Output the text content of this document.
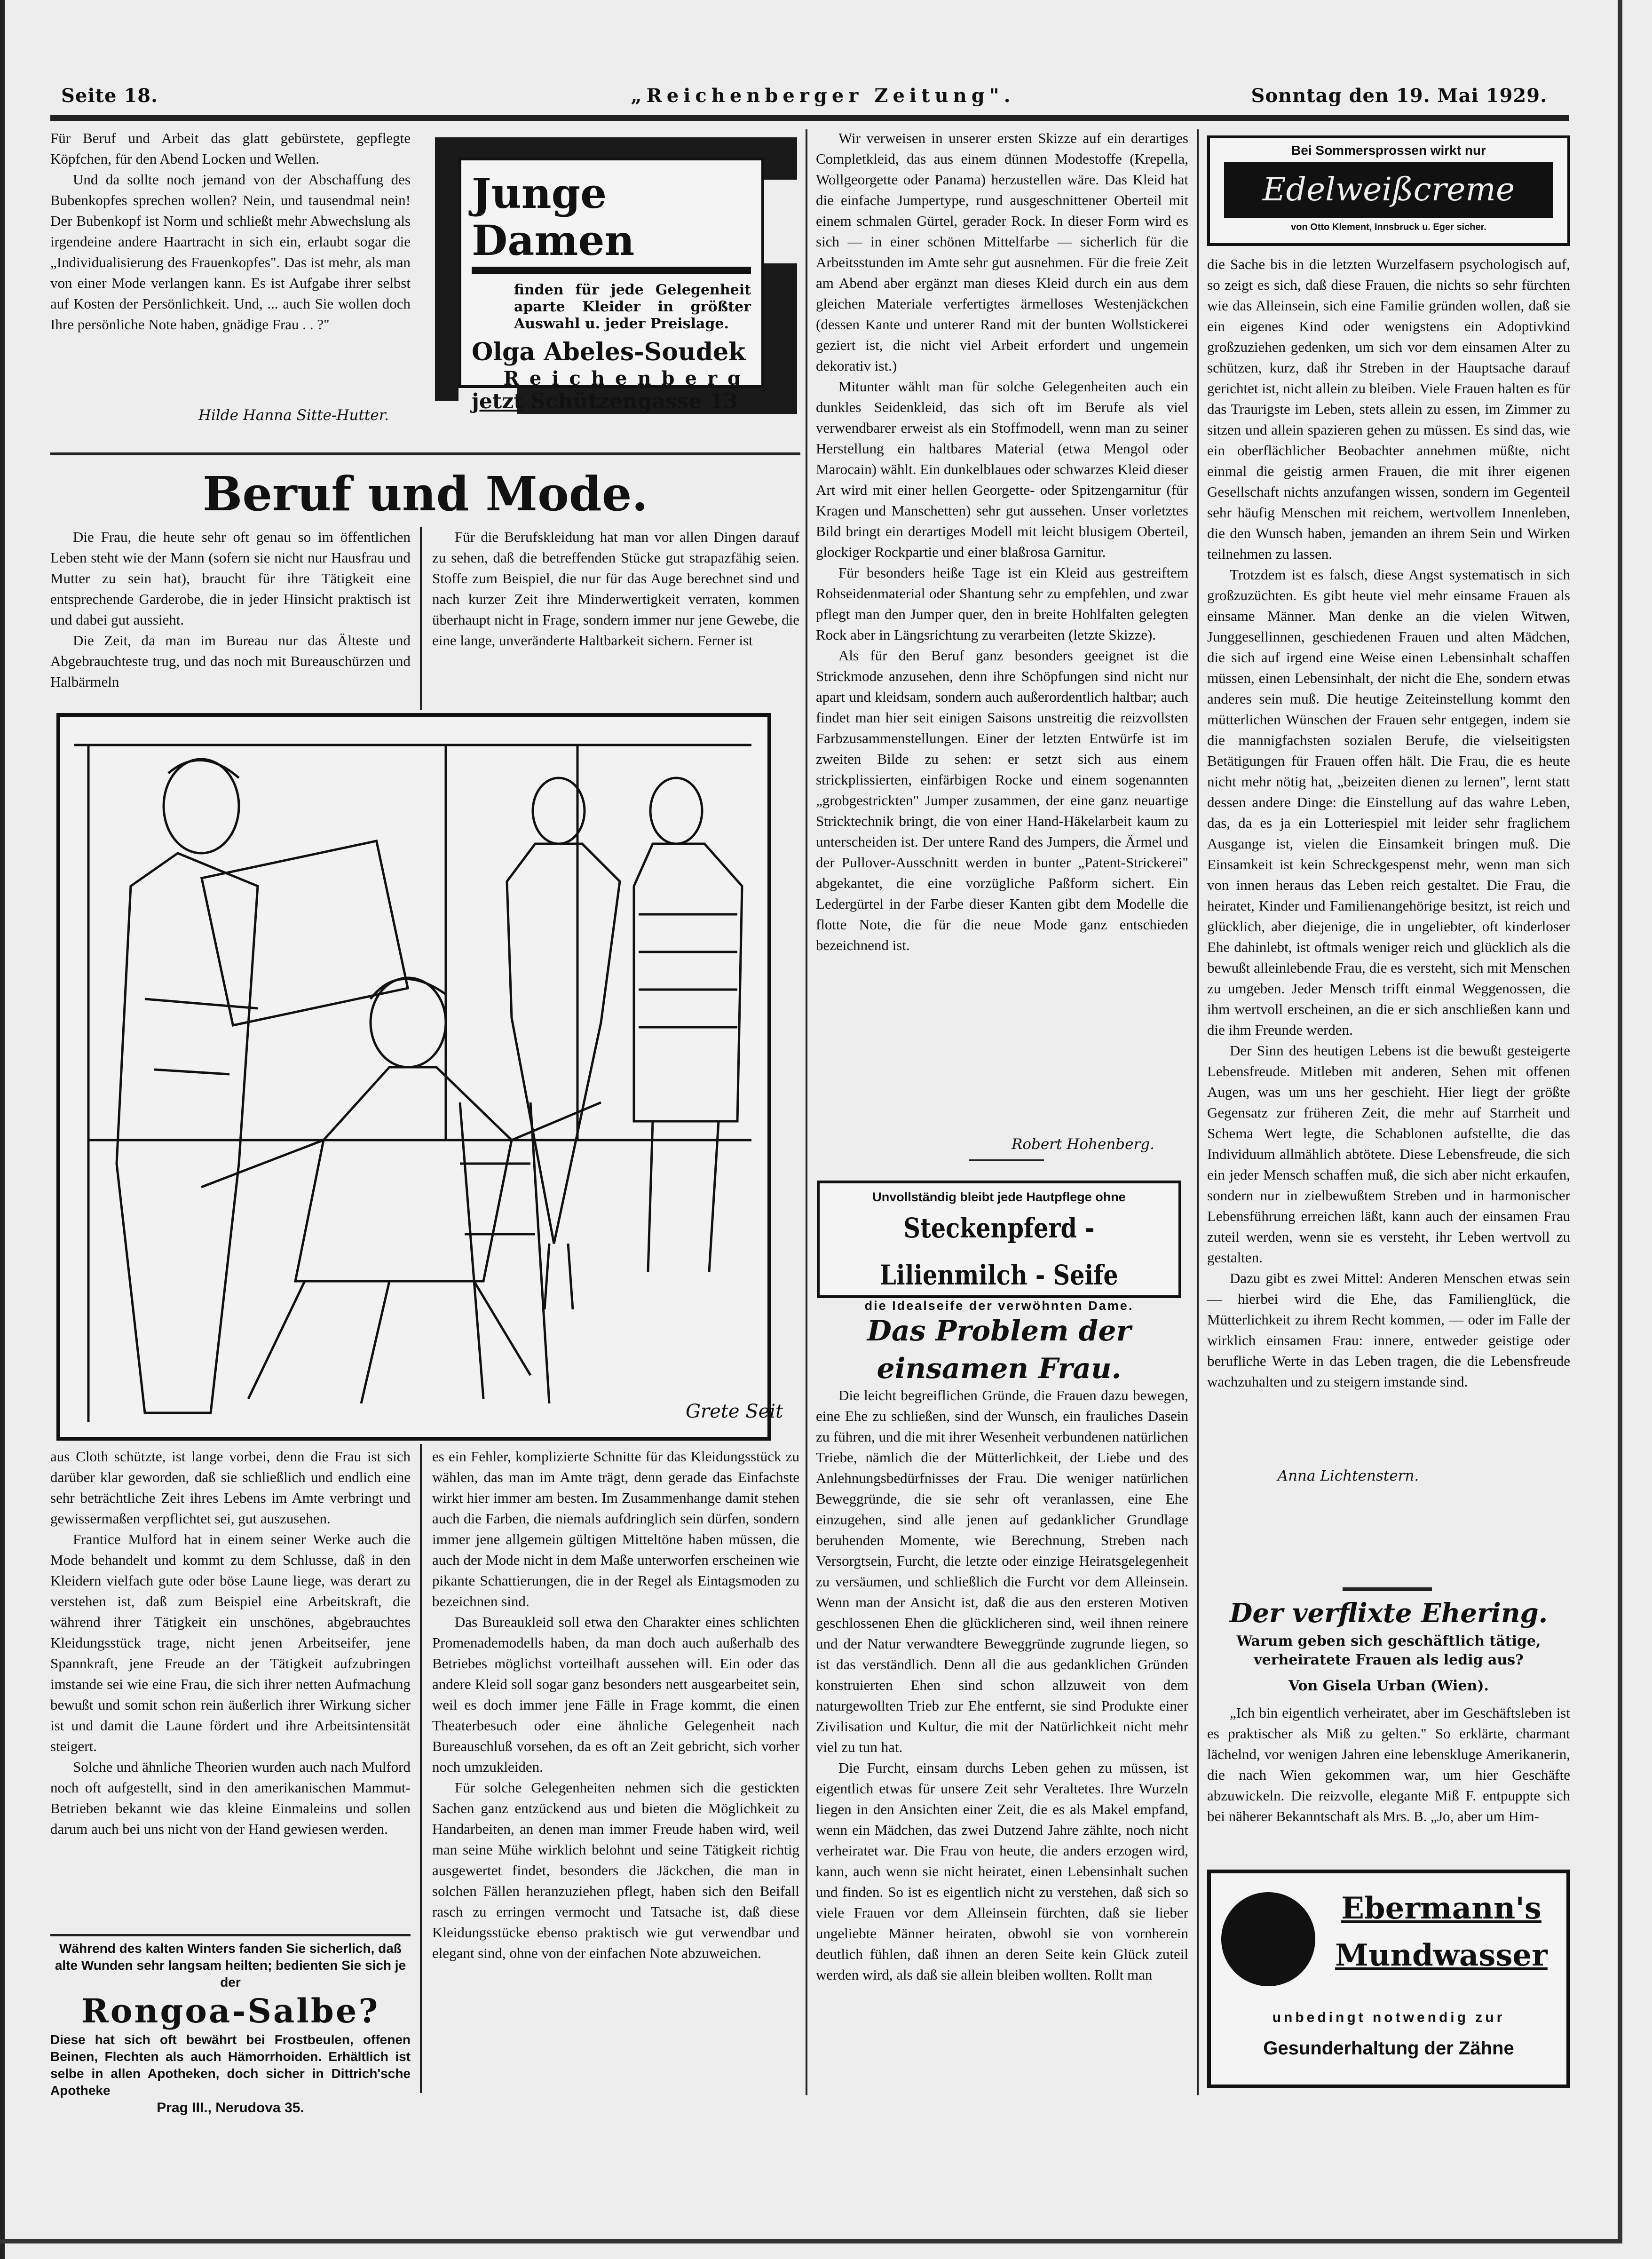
Seite 18.	„Reichenberger Zeitung".	Sonntag den 19. Mai 1929.

Für Beruf und Arbeit das glatt gebürstete, gepflegte Köpfchen, für den Abend Locken und Wellen.

Und da sollte noch jemand von der Abschaffung des Bubenkopfes sprechen wollen? Nein, und tausendmal nein! Der Bubenkopf ist Norm und schließt mehr Abwechslung als irgendeine andere Haartracht in sich ein, erlaubt sogar die „Individualisierung des Frauenkopfes". Das ist mehr, als man von einer Mode verlangen kann. Es ist Aufgabe ihrer selbst auf Kosten der Persönlichkeit. Und, ... auch Sie wollen doch Ihre persönliche Note haben, gnädige Frau . . ?"

Hilde Hanna Sitte-Hutter.
Junge Damen
finden für jede Gelegenheit aparte Kleider in größter Auswahl u. jeder Preislage.
Olga Abeles-Soudek
Reichenberg
jetzt Schützengasse 13
Beruf und Mode.

Die Frau, die heute sehr oft genau so im öffentlichen Leben steht wie der Mann (sofern sie nicht nur Hausfrau und Mutter zu sein hat), braucht für ihre Tätigkeit eine entsprechende Garderobe, die in jeder Hinsicht praktisch ist und dabei gut aussieht.

Die Zeit, da man im Bureau nur das Älteste und Abgebrauchteste trug, und das noch mit Bureauschürzen und Halbärmeln

Für die Berufskleidung hat man vor allen Dingen darauf zu sehen, daß die betreffenden Stücke gut strapazfähig seien. Stoffe zum Beispiel, die nur für das Auge berechnet sind und nach kurzer Zeit ihre Minderwertigkeit verraten, kommen überhaupt nicht in Frage, sondern immer nur jene Gewebe, die eine lange, unveränderte Haltbarkeit sichern. Ferner ist

Grete Seit

aus Cloth schützte, ist lange vorbei, denn die Frau ist sich darüber klar geworden, daß sie schließlich und endlich eine sehr beträchtliche Zeit ihres Lebens im Amte verbringt und gewissermaßen verpflichtet sei, gut auszusehen.

Frantice Mulford hat in einem seiner Werke auch die Mode behandelt und kommt zu dem Schlusse, daß in den Kleidern vielfach gute oder böse Laune liege, was derart zu verstehen ist, daß zum Beispiel eine Arbeitskraft, die während ihrer Tätigkeit ein unschönes, abgebrauchtes Kleidungsstück trage, nicht jenen Arbeitseifer, jene Spannkraft, jene Freude an der Tätigkeit aufzubringen imstande sei wie eine Frau, die sich ihrer netten Aufmachung bewußt und somit schon rein äußerlich ihrer Wirkung sicher ist und damit die Laune fördert und ihre Arbeitsintensität steigert.

Solche und ähnliche Theorien wurden auch nach Mulford noch oft aufgestellt, sind in den amerikanischen Mammut-Betrieben bekannt wie das kleine Einmaleins und sollen darum auch bei uns nicht von der Hand gewiesen werden.

es ein Fehler, komplizierte Schnitte für das Kleidungsstück zu wählen, das man im Amte trägt, denn gerade das Einfachste wirkt hier immer am besten. Im Zusammenhange damit stehen auch die Farben, die niemals aufdringlich sein dürfen, sondern immer jene allgemein gültigen Mitteltöne haben müssen, die auch der Mode nicht in dem Maße unterworfen erscheinen wie pikante Schattierungen, die in der Regel als Eintagsmoden zu bezeichnen sind.

Das Bureaukleid soll etwa den Charakter eines schlichten Promenademodells haben, da man doch auch außerhalb des Betriebes möglichst vorteilhaft aussehen will. Ein oder das andere Kleid soll sogar ganz besonders nett ausgearbeitet sein, weil es doch immer jene Fälle in Frage kommt, die einen Theaterbesuch oder eine ähnliche Gelegenheit nach Bureauschluß vorsehen, da es oft an Zeit gebricht, sich vorher noch umzukleiden.

Für solche Gelegenheiten nehmen sich die gestickten Sachen ganz entzückend aus und bieten die Möglichkeit zu Handarbeiten, an denen man immer Freude haben wird, weil man seine Mühe wirklich belohnt und seine Tätigkeit richtig ausgewertet findet, besonders die Jäckchen, die man in solchen Fällen heranzuziehen pflegt, haben sich den Beifall rasch zu erringen vermocht und Tatsache ist, daß diese Kleidungsstücke ebenso praktisch wie gut verwendbar und elegant sind, ohne von der einfachen Note abzuweichen.

Während des kalten Winters fanden Sie sicherlich, daß alte Wunden sehr langsam heilten; bedienten Sie sich je der
Rongoa-Salbe?
Diese hat sich oft bewährt bei Frostbeulen, offenen Beinen, Flechten als auch Hämorrhoiden. Erhältlich ist selbe in allen Apotheken, doch sicher in Dittrich'sche Apotheke
Prag III., Nerudova 35.

Wir verweisen in unserer ersten Skizze auf ein derartiges Completkleid, das aus einem dünnen Modestoffe (Krepella, Wollgeorgette oder Panama) herzustellen wäre. Das Kleid hat die einfache Jumpertype, rund ausgeschnittener Oberteil mit einem schmalen Gürtel, gerader Rock. In dieser Form wird es sich — in einer schönen Mittelfarbe — sicherlich für die Arbeitsstunden im Amte sehr gut ausnehmen. Für die freie Zeit am Abend aber ergänzt man dieses Kleid durch ein aus dem gleichen Materiale verfertigtes ärmelloses Westenjäckchen (dessen Kante und unterer Rand mit der bunten Wollstickerei geziert ist, die nicht viel Arbeit erfordert und ungemein dekorativ ist.)

Mitunter wählt man für solche Gelegenheiten auch ein dunkles Seidenkleid, das sich oft im Berufe als viel verwendbarer erweist als ein Stoffmodell, wenn man zu seiner Herstellung ein haltbares Material (etwa Mengol oder Marocain) wählt. Ein dunkelblaues oder schwarzes Kleid dieser Art wird mit einer hellen Georgette- oder Spitzengarnitur (für Kragen und Manschetten) sehr gut aussehen. Unser vorletztes Bild bringt ein derartiges Modell mit leicht blusigem Oberteil, glockiger Rockpartie und einer blaßrosa Garnitur.

Für besonders heiße Tage ist ein Kleid aus gestreiftem Rohseidenmaterial oder Shantung sehr zu empfehlen, und zwar pflegt man den Jumper quer, den in breite Hohlfalten gelegten Rock aber in Längsrichtung zu verarbeiten (letzte Skizze).

Als für den Beruf ganz besonders geeignet ist die Strickmode anzusehen, denn ihre Schöpfungen sind nicht nur apart und kleidsam, sondern auch außerordentlich haltbar; auch findet man hier seit einigen Saisons unstreitig die reizvollsten Farbzusammenstellungen. Einer der letzten Entwürfe ist im zweiten Bilde zu sehen: er setzt sich aus einem strickplissierten, einfärbigen Rocke und einem sogenannten „grobgestrickten" Jumper zusammen, der eine ganz neuartige Stricktechnik bringt, die von einer Hand-Häkelarbeit kaum zu unterscheiden ist. Der untere Rand des Jumpers, die Ärmel und der Pullover-Ausschnitt werden in bunter „Patent-Strickerei" abgekantet, die eine vorzügliche Paßform sichert. Ein Ledergürtel in der Farbe dieser Kanten gibt dem Modelle die flotte Note, die für die neue Mode ganz entschieden bezeichnend ist.

Robert Hohenberg.
Unvollständig bleibt jede Hautpflege ohne
Steckenpferd - Lilienmilch - Seife
die Idealseife der verwöhnten Dame.
Das Problem der einsamen Frau.

Die leicht begreiflichen Gründe, die Frauen dazu bewegen, eine Ehe zu schließen, sind der Wunsch, ein frauliches Dasein zu führen, und die mit ihrer Wesenheit verbundenen natürlichen Triebe, nämlich die der Mütterlichkeit, der Liebe und des Anlehnungsbedürfnisses der Frau. Die weniger natürlichen Beweggründe, die sie sehr oft veranlassen, eine Ehe einzugehen, sind alle jenen auf gedanklicher Grundlage beruhenden Momente, wie Berechnung, Streben nach Versorgtsein, Furcht, die letzte oder einzige Heiratsgelegenheit zu versäumen, und schließlich die Furcht vor dem Alleinsein. Wenn man der Ansicht ist, daß die aus den ersteren Motiven geschlossenen Ehen die glücklicheren sind, weil ihnen reinere und der Natur verwandtere Beweggründe zugrunde liegen, so ist das verständlich. Denn all die aus gedanklichen Gründen konstruierten Ehen sind schon allzuweit von dem naturgewollten Trieb zur Ehe entfernt, sie sind Produkte einer Zivilisation und Kultur, die mit der Natürlichkeit nicht mehr viel zu tun hat.

Die Furcht, einsam durchs Leben gehen zu müssen, ist eigentlich etwas für unsere Zeit sehr Veraltetes. Ihre Wurzeln liegen in den Ansichten einer Zeit, die es als Makel empfand, wenn ein Mädchen, das zwei Dutzend Jahre zählte, noch nicht verheiratet war. Die Frau von heute, die anders erzogen wird, kann, auch wenn sie nicht heiratet, einen Lebensinhalt suchen und finden. So ist es eigentlich nicht zu verstehen, daß sich so viele Frauen vor dem Alleinsein fürchten, daß sie lieber ungeliebte Männer heiraten, obwohl sie von vornherein deutlich fühlen, daß ihnen an deren Seite kein Glück zuteil werden wird, als daß sie allein bleiben wollten. Rollt man

Bei Sommersprossen wirkt nur
Edelweißcreme
von Otto Klement, Innsbruck u. Eger sicher.

die Sache bis in die letzten Wurzelfasern psychologisch auf, so zeigt es sich, daß diese Frauen, die nichts so sehr fürchten wie das Alleinsein, sich eine Familie gründen wollen, daß sie ein eigenes Kind oder wenigstens ein Adoptivkind großzuziehen gedenken, um sich vor dem einsamen Alter zu schützen, kurz, daß ihr Streben in der Hauptsache darauf gerichtet ist, nicht allein zu bleiben. Viele Frauen halten es für das Traurigste im Leben, stets allein zu essen, im Zimmer zu sitzen und allein spazieren gehen zu müssen. Es sind das, wie ein oberflächlicher Beobachter annehmen müßte, nicht einmal die geistig armen Frauen, die mit ihrer eigenen Gesellschaft nichts anzufangen wissen, sondern im Gegenteil sehr häufig Menschen mit reichem, wertvollem Innenleben, die den Wunsch haben, jemanden an ihrem Sein und Wirken teilnehmen zu lassen.

Trotzdem ist es falsch, diese Angst systematisch in sich großzuzüchten. Es gibt heute viel mehr einsame Frauen als einsame Männer. Man denke an die vielen Witwen, Junggesellinnen, geschiedenen Frauen und alten Mädchen, die sich auf irgend eine Weise einen Lebensinhalt schaffen müssen, einen Lebensinhalt, der nicht die Ehe, sondern etwas anderes sein muß. Die heutige Zeiteinstellung kommt den mütterlichen Wünschen der Frauen sehr entgegen, indem sie die mannigfachsten sozialen Berufe, die vielseitigsten Betätigungen für Frauen offen hält. Die Frau, die es heute nicht mehr nötig hat, „beizeiten dienen zu lernen", lernt statt dessen andere Dinge: die Einstellung auf das wahre Leben, das, da es ja ein Lotteriespiel mit leider sehr fraglichem Ausgange ist, vielen die Einsamkeit bringen muß. Die Einsamkeit ist kein Schreckgespenst mehr, wenn man sich von innen heraus das Leben reich gestaltet. Die Frau, die heiratet, Kinder und Familienangehörige besitzt, ist reich und glücklich, aber diejenige, die in ungeliebter, oft kinderloser Ehe dahinlebt, ist oftmals weniger reich und glücklich als die bewußt alleinlebende Frau, die es versteht, sich mit Menschen zu umgeben. Jeder Mensch trifft einmal Weggenossen, die ihm wertvoll erscheinen, an die er sich anschließen kann und die ihm Freunde werden.

Der Sinn des heutigen Lebens ist die bewußt gesteigerte Lebensfreude. Mitleben mit anderen, Sehen mit offenen Augen, was um uns her geschieht. Hier liegt der größte Gegensatz zur früheren Zeit, die mehr auf Starrheit und Schema Wert legte, die Schablonen aufstellte, die das Individuum allmählich abtötete. Diese Lebensfreude, die sich ein jeder Mensch schaffen muß, die sich aber nicht erkaufen, sondern nur in zielbewußtem Streben und in harmonischer Lebensführung erreichen läßt, kann auch der einsamen Frau zuteil werden, wenn sie es versteht, ihr Leben wertvoll zu gestalten.

Dazu gibt es zwei Mittel: Anderen Menschen etwas sein — hierbei wird die Ehe, das Familienglück, die Mütterlichkeit zu ihrem Recht kommen, — oder im Falle der wirklich einsamen Frau: innere, entweder geistige oder berufliche Werte in das Leben tragen, die die Lebensfreude wachzuhalten und zu steigern imstande sind.

Anna Lichtenstern.
Der verflixte Ehering.
Warum geben sich geschäftlich tätige, verheiratete Frauen als ledig aus?
Von Gisela Urban (Wien).

„Ich bin eigentlich verheiratet, aber im Geschäftsleben ist es praktischer als Miß zu gelten." So erklärte, charmant lächelnd, vor wenigen Jahren eine lebenskluge Amerikanerin, die nach Wien gekommen war, um hier Geschäfte abzuwickeln. Die reizvolle, elegante Miß F. entpuppte sich bei näherer Bekanntschaft als Mrs. B. „Jo, aber um Him-

Ebermann's
Mundwasser
unbedingt notwendig zur
Gesunderhaltung der Zähne
